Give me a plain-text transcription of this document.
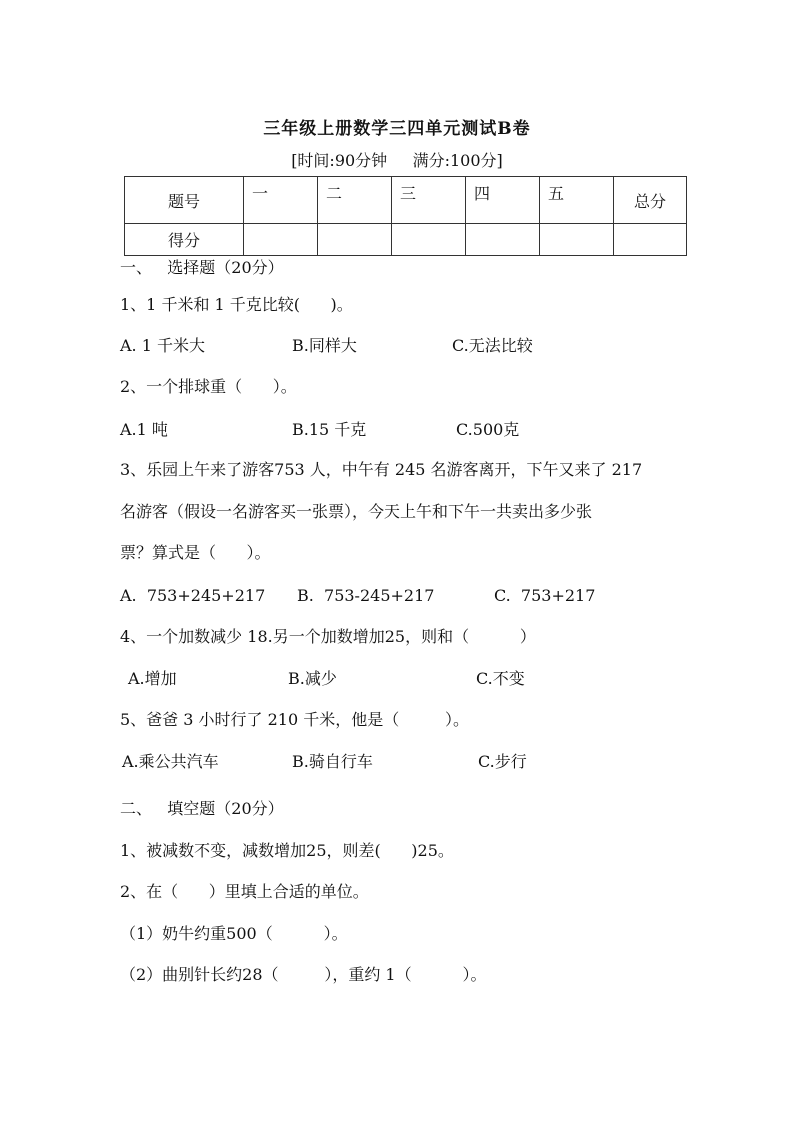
三年级上册数学三四单元测试B卷
[时间:90分钟     满分:100分]
题号	一	二	三	四	五	总分
得分						
一、   选择题（20分）
1、1 千米和 1 千克比较(      )。
A. 1 千米大	B.同样大	C.无法比较
2、一个排球重（      ）。
A.1 吨	B.15 千克	C.500克
3、乐园上午来了游客753 人，中午有 245 名游客离开，下午又来了 217
名游客（假设一名游客买一张票），今天上午和下午一共卖出多少张
票？算式是（      ）。
A.  753+245+217 B.  753-245+217	C.  753+217
4、一个加数减少 18.另一个加数增加25，则和（          ）
A.增加	B.减少	C.不变
5、爸爸 3 小时行了 210 千米，他是（         ）。
A.乘公共汽车	B.骑自行车	C.步行
二、   填空题（20分）
1、被减数不变，减数增加25，则差(      )25。
2、在（      ）里填上合适的单位。
（1）奶牛约重500（          ）。
（2）曲别针长约28（         ），重约 1（          ）。
